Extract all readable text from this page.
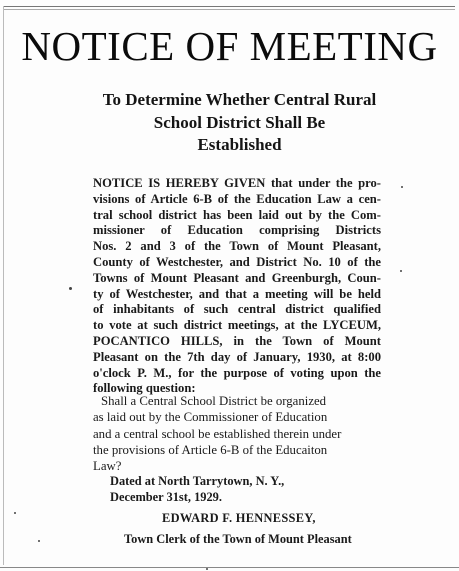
NOTICE OF MEETING
To Determine Whether Central Rural
School District Shall Be
Established
NOTICE IS HEREBY GIVEN that under the pro-
visions of Article 6-B of the Education Law a cen-
tral school district has been laid out by the Com-
missioner of Education comprising Districts
Nos. 2 and 3 of the Town of Mount Pleasant,
County of Westchester, and District No. 10 of the
Towns of Mount Pleasant and Greenburgh, Coun-
ty of Westchester, and that a meeting will be held
of inhabitants of such central district qualified
to vote at such district meetings, at the LYCEUM,
POCANTICO HILLS, in the Town of Mount
Pleasant on the 7th day of January, 1930, at 8:00
o'clock P. M., for the purpose of voting upon the
following question:
Shall a Central School District be organized
as laid out by the Commissioner of Education
and a central school be established therein under
the provisions of Article 6-B of the Educaiton
Law?
Dated at North Tarrytown, N. Y.,
December 31st, 1929.
EDWARD F. HENNESSEY,
Town Clerk of the Town of Mount Pleasant
